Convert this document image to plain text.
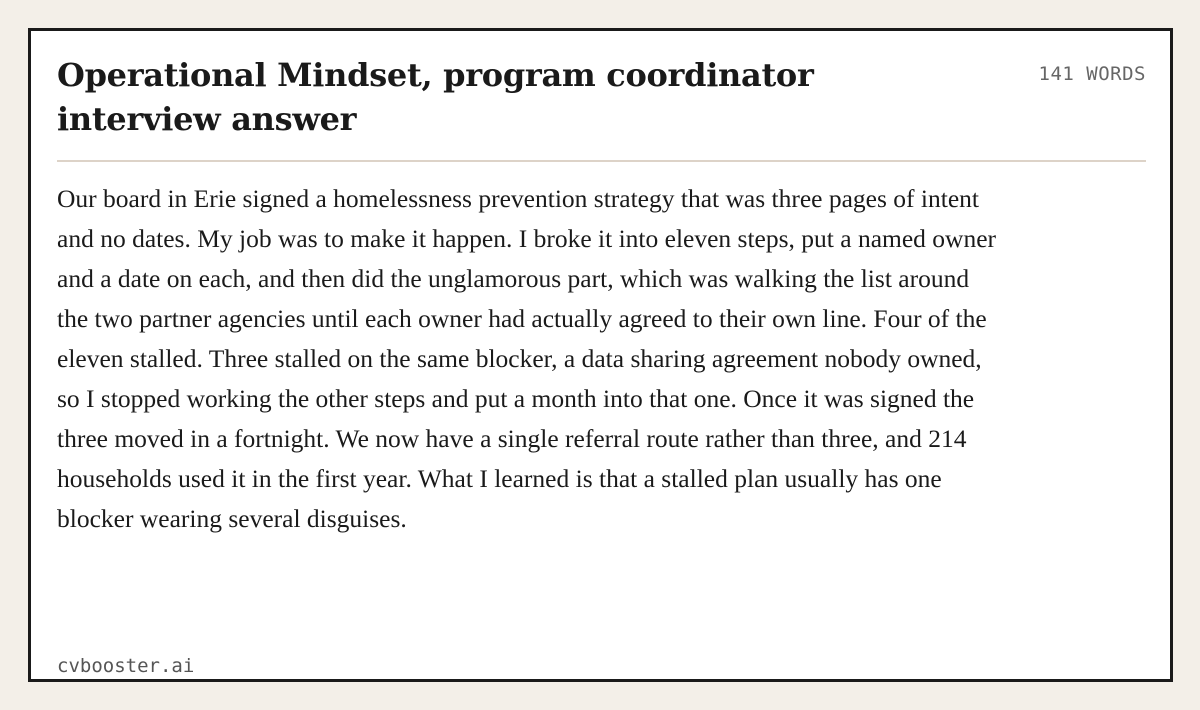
Operational Mindset, program coordinator interview answer
141 WORDS

Our board in Erie signed a homelessness prevention strategy that was three pages of intent and no dates. My job was to make it happen. I broke it into eleven steps, put a named owner and a date on each, and then did the unglamorous part, which was walking the list around the two partner agencies until each owner had actually agreed to their own line. Four of the eleven stalled. Three stalled on the same blocker, a data sharing agreement nobody owned, so I stopped working the other steps and put a month into that one. Once it was signed the three moved in a fortnight. We now have a single referral route rather than three, and 214 households used it in the first year. What I learned is that a stalled plan usually has one blocker wearing several disguises.

cvbooster.ai
